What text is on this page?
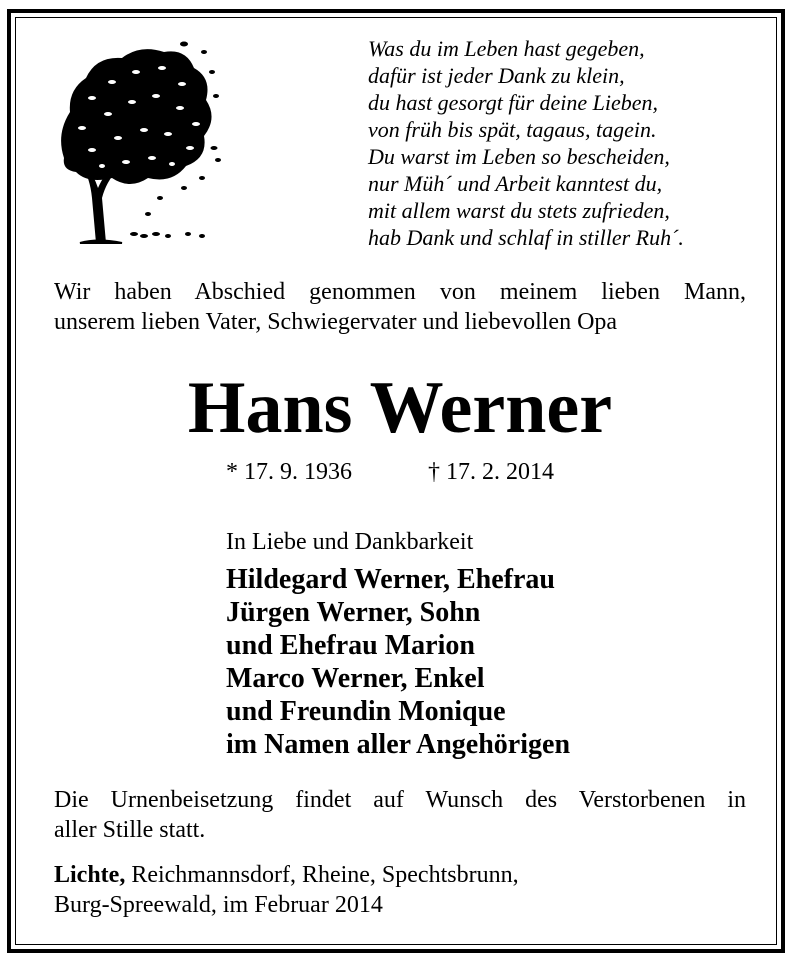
Was du im Leben hast gegeben,
dafür ist jeder Dank zu klein,
du hast gesorgt für deine Lieben,
von früh bis spät, tagaus, tagein.
Du warst im Leben so bescheiden,
nur Müh´ und Arbeit kanntest du,
mit allem warst du stets zufrieden,
hab Dank und schlaf in stiller Ruh´.
Wir haben Abschied genommen von meinem lieben Mann,
unserem lieben Vater, Schwiegervater und liebevollen Opa
Hans Werner
* 17. 9. 1936	† 17. 2. 2014
In Liebe und Dankbarkeit
Hildegard Werner, Ehefrau
Jürgen Werner, Sohn
und Ehefrau Marion
Marco Werner, Enkel
und Freundin Monique
im Namen aller Angehörigen
Die Urnenbeisetzung findet auf Wunsch des Verstorbenen in
aller Stille statt.
Lichte, Reichmannsdorf, Rheine, Spechtsbrunn,
Burg-Spreewald, im Februar 2014
